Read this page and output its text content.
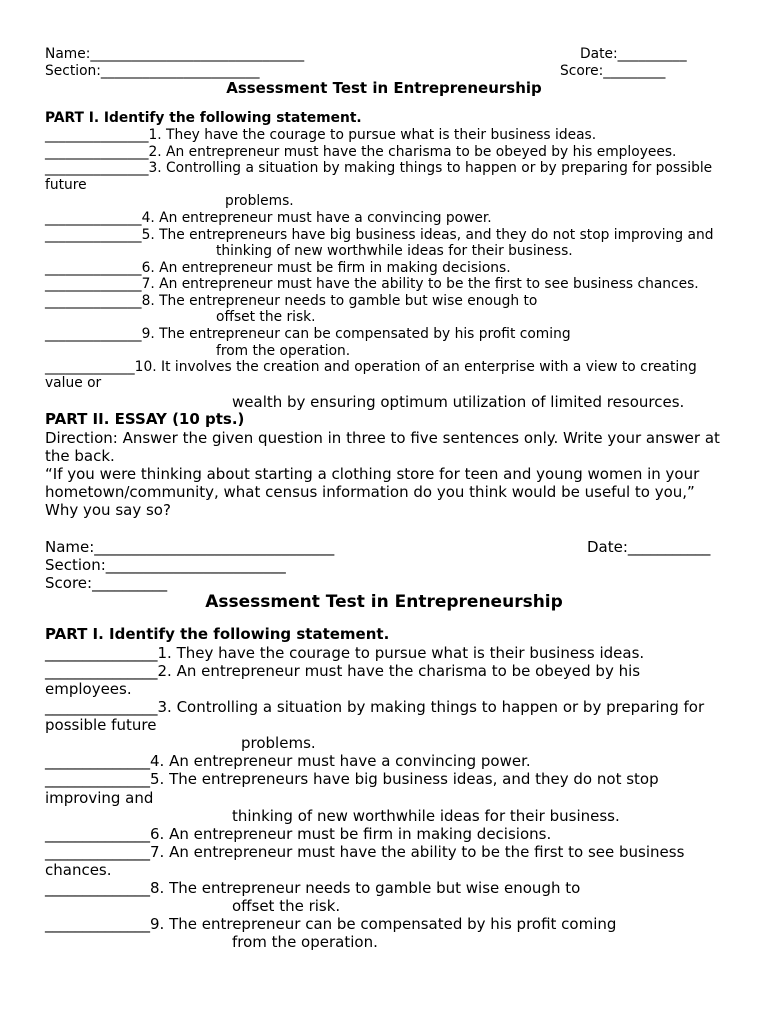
Name:_______________________________	Date:__________
Section:_______________________	Score:_________
Assessment Test in Entrepreneurship
PART I. Identify the following statement.
_______________1. They have the courage to pursue what is their business ideas.
_______________2. An entrepreneur must have the charisma to be obeyed by his employees.
_______________3. Controlling a situation by making things to happen or by preparing for possible
future
problems.
______________4. An entrepreneur must have a convincing power.
______________5. The entrepreneurs have big business ideas, and they do not stop improving and
thinking of new worthwhile ideas for their business.
______________6. An entrepreneur must be firm in making decisions.
______________7. An entrepreneur must have the ability to be the first to see business chances.
______________8. The entrepreneur needs to gamble but wise enough to
offset the risk.
______________9. The entrepreneur can be compensated by his profit coming
from the operation.
_____________10. It involves the creation and operation of an enterprise with a view to creating
value or
wealth by ensuring optimum utilization of limited resources.
PART II. ESSAY (10 pts.)
Direction: Answer the given question in three to five sentences only. Write your answer at
the back.
“If you were thinking about starting a clothing store for teen and young women in your
hometown/community, what census information do you think would be useful to you,”
Why you say so?
Name:________________________________	Date:___________
Section:________________________
Score:__________
Assessment Test in Entrepreneurship
PART I. Identify the following statement.
_______________1. They have the courage to pursue what is their business ideas.
_______________2. An entrepreneur must have the charisma to be obeyed by his
employees.
_______________3. Controlling a situation by making things to happen or by preparing for
possible future
problems.
______________4. An entrepreneur must have a convincing power.
______________5. The entrepreneurs have big business ideas, and they do not stop
improving and
thinking of new worthwhile ideas for their business.
______________6. An entrepreneur must be firm in making decisions.
______________7. An entrepreneur must have the ability to be the first to see business
chances.
______________8. The entrepreneur needs to gamble but wise enough to
offset the risk.
______________9. The entrepreneur can be compensated by his profit coming
from the operation.
